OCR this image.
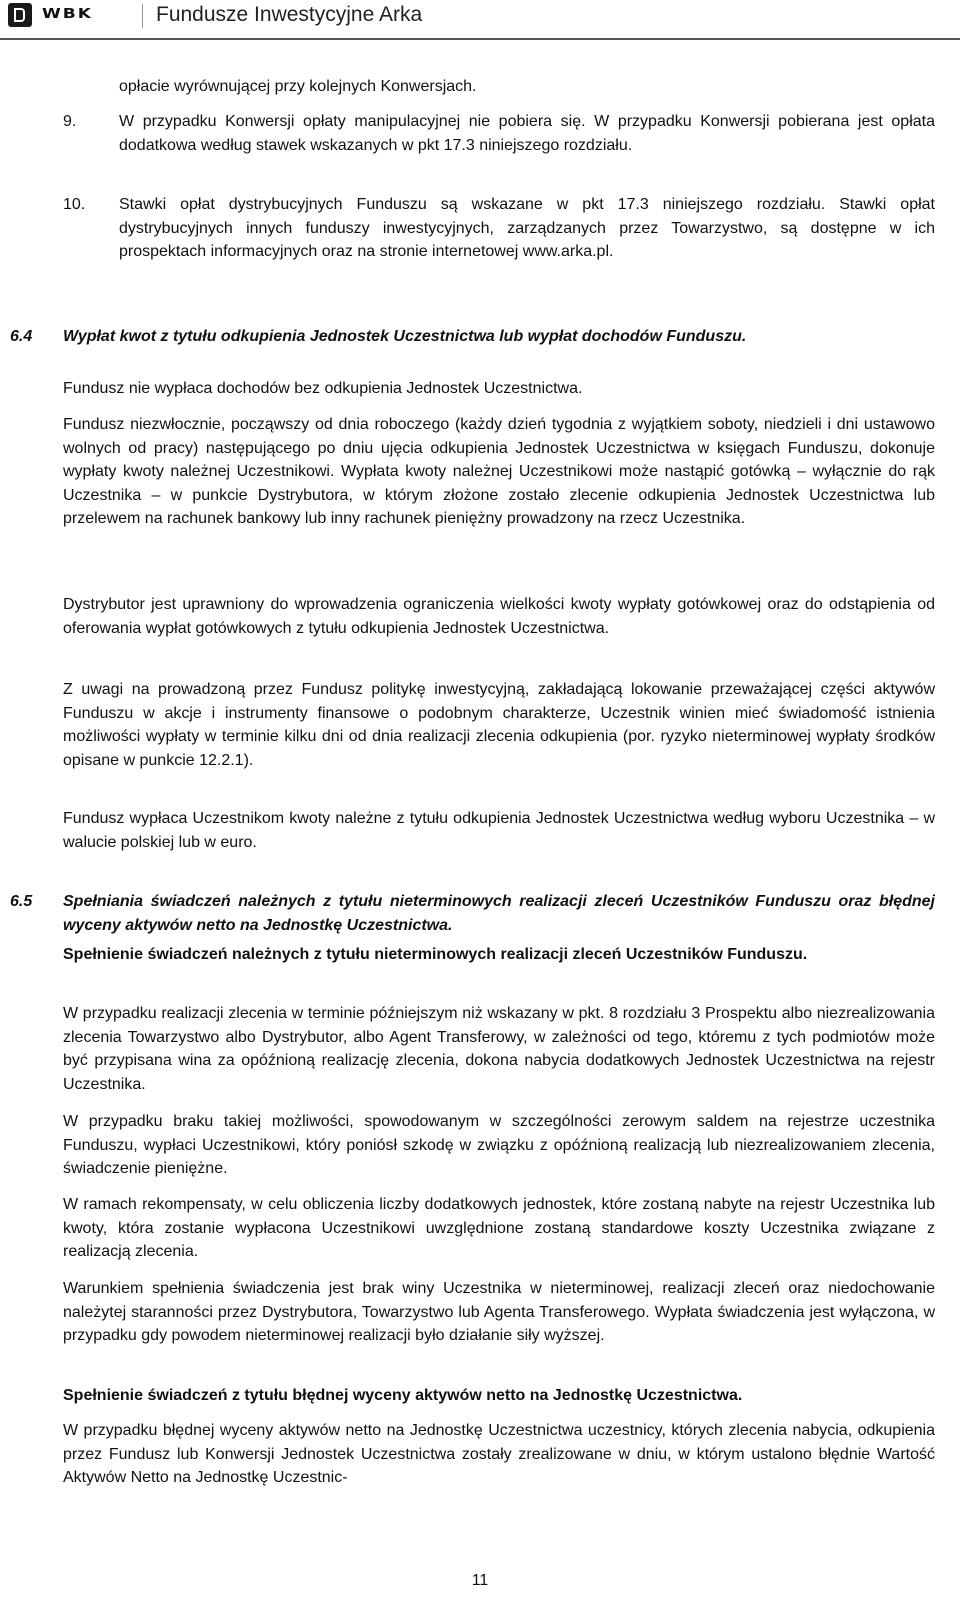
WBK	Fundusze Inwestycyjne Arka

opłacie wyrównującej przy kolejnych Konwersjach.

9.	W przypadku Konwersji opłaty manipulacyjnej nie pobiera się. W przypadku Konwersji pobierana jest opłata dodatkowa według stawek wskazanych w pkt 17.3 niniejszego rozdziału.

10. Stawki opłat dystrybucyjnych Funduszu są wskazane w pkt 17.3 niniejszego rozdziału. Stawki opłat dystrybucyjnych innych funduszy inwestycyjnych, zarządzanych przez Towarzystwo, są dostępne w ich prospektach informacyjnych oraz na stronie internetowej www.arka.pl.

6.4 Wypłat kwot z tytułu odkupienia Jednostek Uczestnictwa lub wypłat dochodów Funduszu.

Fundusz nie wypłaca dochodów bez odkupienia Jednostek Uczestnictwa.

Fundusz niezwłocznie, począwszy od dnia roboczego (każdy dzień tygodnia z wyjątkiem soboty, niedzieli i dni ustawowo wolnych od pracy) następującego po dniu ujęcia odkupienia Jednostek Uczestnictwa w księgach Funduszu, dokonuje wypłaty kwoty należnej Uczestnikowi. Wypłata kwoty należnej Uczestnikowi może nastąpić gotówką – wyłącznie do rąk Uczestnika – w punkcie Dystrybutora, w którym złożone zostało zlecenie odkupienia Jednostek Uczestnictwa lub przelewem na rachunek bankowy lub inny rachunek pieniężny prowadzony na rzecz Uczestnika.

Dystrybutor jest uprawniony do wprowadzenia ograniczenia wielkości kwoty wypłaty gotówkowej oraz do odstąpienia od oferowania wypłat gotówkowych z tytułu odkupienia Jednostek Uczestnictwa.

Z uwagi na prowadzoną przez Fundusz politykę inwestycyjną, zakładającą lokowanie przeważającej części aktywów Funduszu w akcje i instrumenty finansowe o podobnym charakterze, Uczestnik winien mieć świadomość istnienia możliwości wypłaty w terminie kilku dni od dnia realizacji zlecenia odkupienia (por. ryzyko nieterminowej wypłaty środków opisane w punkcie 12.2.1).

Fundusz wypłaca Uczestnikom kwoty należne z tytułu odkupienia Jednostek Uczestnictwa według wyboru Uczestnika – w walucie polskiej lub w euro.

6.5 Spełniania świadczeń należnych z tytułu nieterminowych realizacji zleceń Uczestników Funduszu oraz błędnej wyceny aktywów netto na Jednostkę Uczestnictwa.

Spełnienie świadczeń należnych z tytułu nieterminowych realizacji zleceń Uczestników Funduszu.

W przypadku realizacji zlecenia w terminie późniejszym niż wskazany w pkt. 8 rozdziału 3 Prospektu albo niezrealizowania zlecenia Towarzystwo albo Dystrybutor, albo Agent Transferowy, w zależności od tego, któremu z tych podmiotów może być przypisana wina za opóźnioną realizację zlecenia, dokona nabycia dodatkowych Jednostek Uczestnictwa na rejestr Uczestnika.

W przypadku braku takiej możliwości, spowodowanym w szczególności zerowym saldem na rejestrze uczestnika Funduszu, wypłaci Uczestnikowi, który poniósł szkodę w związku z opóźnioną realizacją lub niezrealizowaniem zlecenia, świadczenie pieniężne.

W ramach rekompensaty, w celu obliczenia liczby dodatkowych jednostek, które zostaną nabyte na rejestr Uczestnika lub kwoty, która zostanie wypłacona Uczestnikowi uwzględnione zostaną standardowe koszty Uczestnika związane z realizacją zlecenia.

Warunkiem spełnienia świadczenia jest brak winy Uczestnika w nieterminowej, realizacji zleceń oraz niedochowanie należytej staranności przez Dystrybutora, Towarzystwo lub Agenta Transferowego. Wypłata świadczenia jest wyłączona, w przypadku gdy powodem nieterminowej realizacji było działanie siły wyższej.

Spełnienie świadczeń z tytułu błędnej wyceny aktywów netto na Jednostkę Uczestnictwa.

W przypadku błędnej wyceny aktywów netto na Jednostkę Uczestnictwa uczestnicy, których zlecenia nabycia, odkupienia przez Fundusz lub Konwersji Jednostek Uczestnictwa zostały zrealizowane w dniu, w którym ustalono błędnie Wartość Aktywów Netto na Jednostkę Uczestnic-

11
